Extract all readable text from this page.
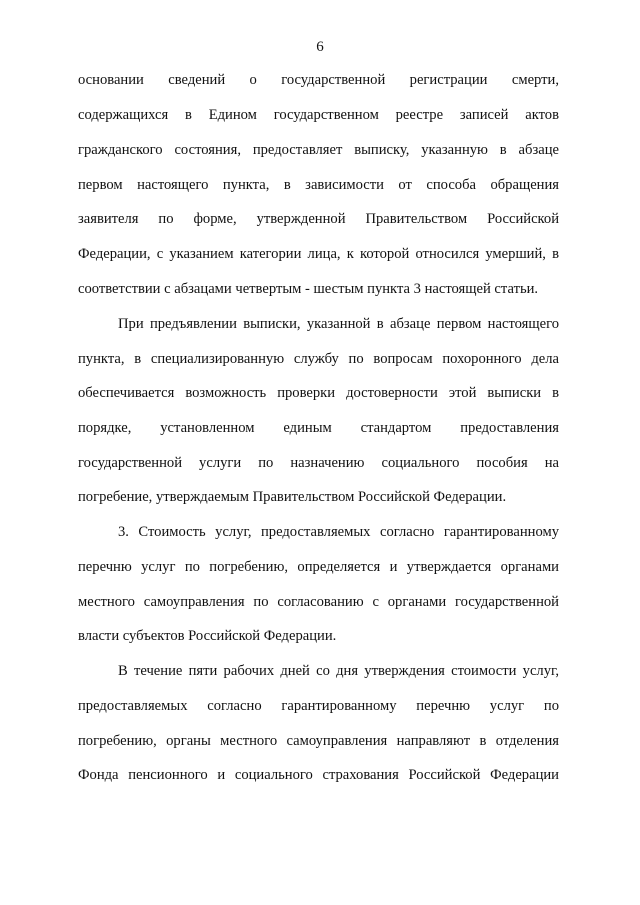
6
основании сведений о государственной регистрации смерти,
содержащихся в Едином государственном реестре записей актов
гражданского состояния, предоставляет выписку, указанную в абзаце
первом настоящего пункта, в зависимости от способа обращения
заявителя по форме, утвержденной Правительством Российской
Федерации, с указанием категории лица, к которой относился умерший, в
соответствии с абзацами четвертым - шестым пункта 3 настоящей статьи.
При предъявлении выписки, указанной в абзаце первом настоящего
пункта, в специализированную службу по вопросам похоронного дела
обеспечивается возможность проверки достоверности этой выписки в
порядке, установленном единым стандартом предоставления
государственной услуги по назначению социального пособия на
погребение, утверждаемым Правительством Российской Федерации.
3. Стоимость услуг, предоставляемых согласно гарантированному
перечню услуг по погребению, определяется и утверждается органами
местного самоуправления по согласованию с органами государственной
власти субъектов Российской Федерации.
В течение пяти рабочих дней со дня утверждения стоимости услуг,
предоставляемых согласно гарантированному перечню услуг по
погребению, органы местного самоуправления направляют в отделения
Фонда пенсионного и социального страхования Российской Федерации
